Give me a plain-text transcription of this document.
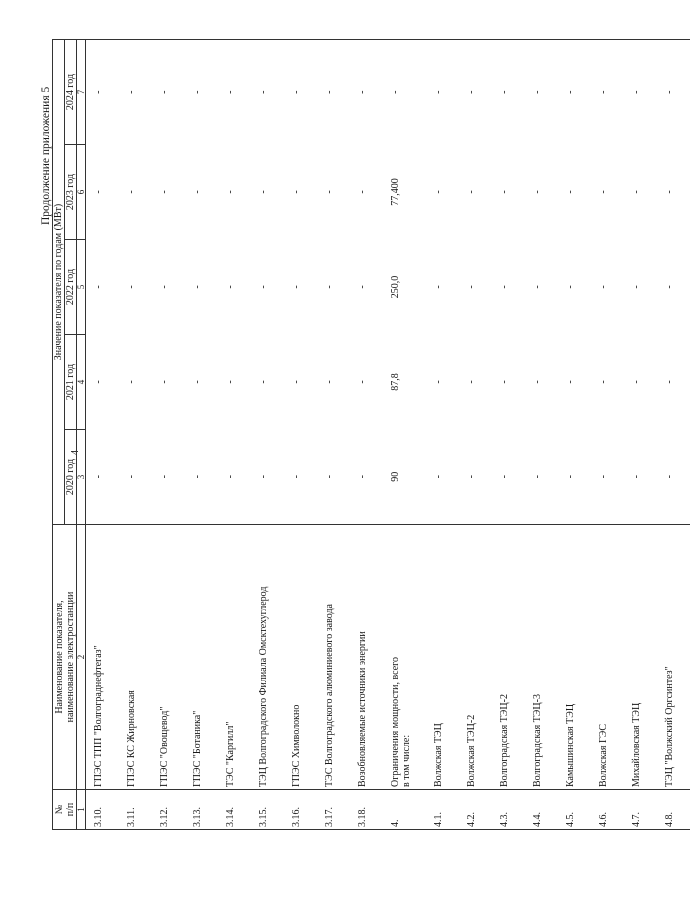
4
Продолжение приложения 5
№ п/п	Наименование показателя, наименование электростанции	Значение показателя по годам (МВт)				
		2020 год	2021 год	2022 год	2023 год	2024 год
1	2	3	4	5	6	7
3.10.	ГПЭС ТПП "Волгограднефтегаз"	-	-	-	-	-
3.11.	ГПЭС КС Жирновская	-	-	-	-	-
3.12.	ГПЭС "Овощевод"	-	-	-	-	-
3.13.	ГПЭС "Ботаника"	-	-	-	-	-
3.14.	ТЭС "Каргилл"	-	-	-	-	-
3.15.	ТЭЦ Волгоградского Филиала Омсктехуглерод	-	-	-	-	-
3.16.	ГПЭС Химволокно	-	-	-	-	-
3.17.	ТЭС Волгоградского алюминиевого завода	-	-	-	-	-
3.18.	Возобновляемые источники энергии	-	-	-	-	-
4.	Ограничения мощности, всего в том числе:	90	87,8	250,0	77,400	-
4.1.	Волжская ТЭЦ	-	-	-	-	-
4.2.	Волжская ТЭЦ-2	-	-	-	-	-
4.3.	Волгоградская ТЭЦ-2	-	-	-	-	-
4.4.	Волгоградская ТЭЦ-3	-	-	-	-	-
4.5.	Камышинская ТЭЦ	-	-	-	-	-
4.6.	Волжская ГЭС	-	-	-	-	-
4.7.	Михайловская ТЭЦ	-	-	-	-	-
4.8.	ТЭЦ "Волжский Оргсинтез"	-	-	-	-	-
